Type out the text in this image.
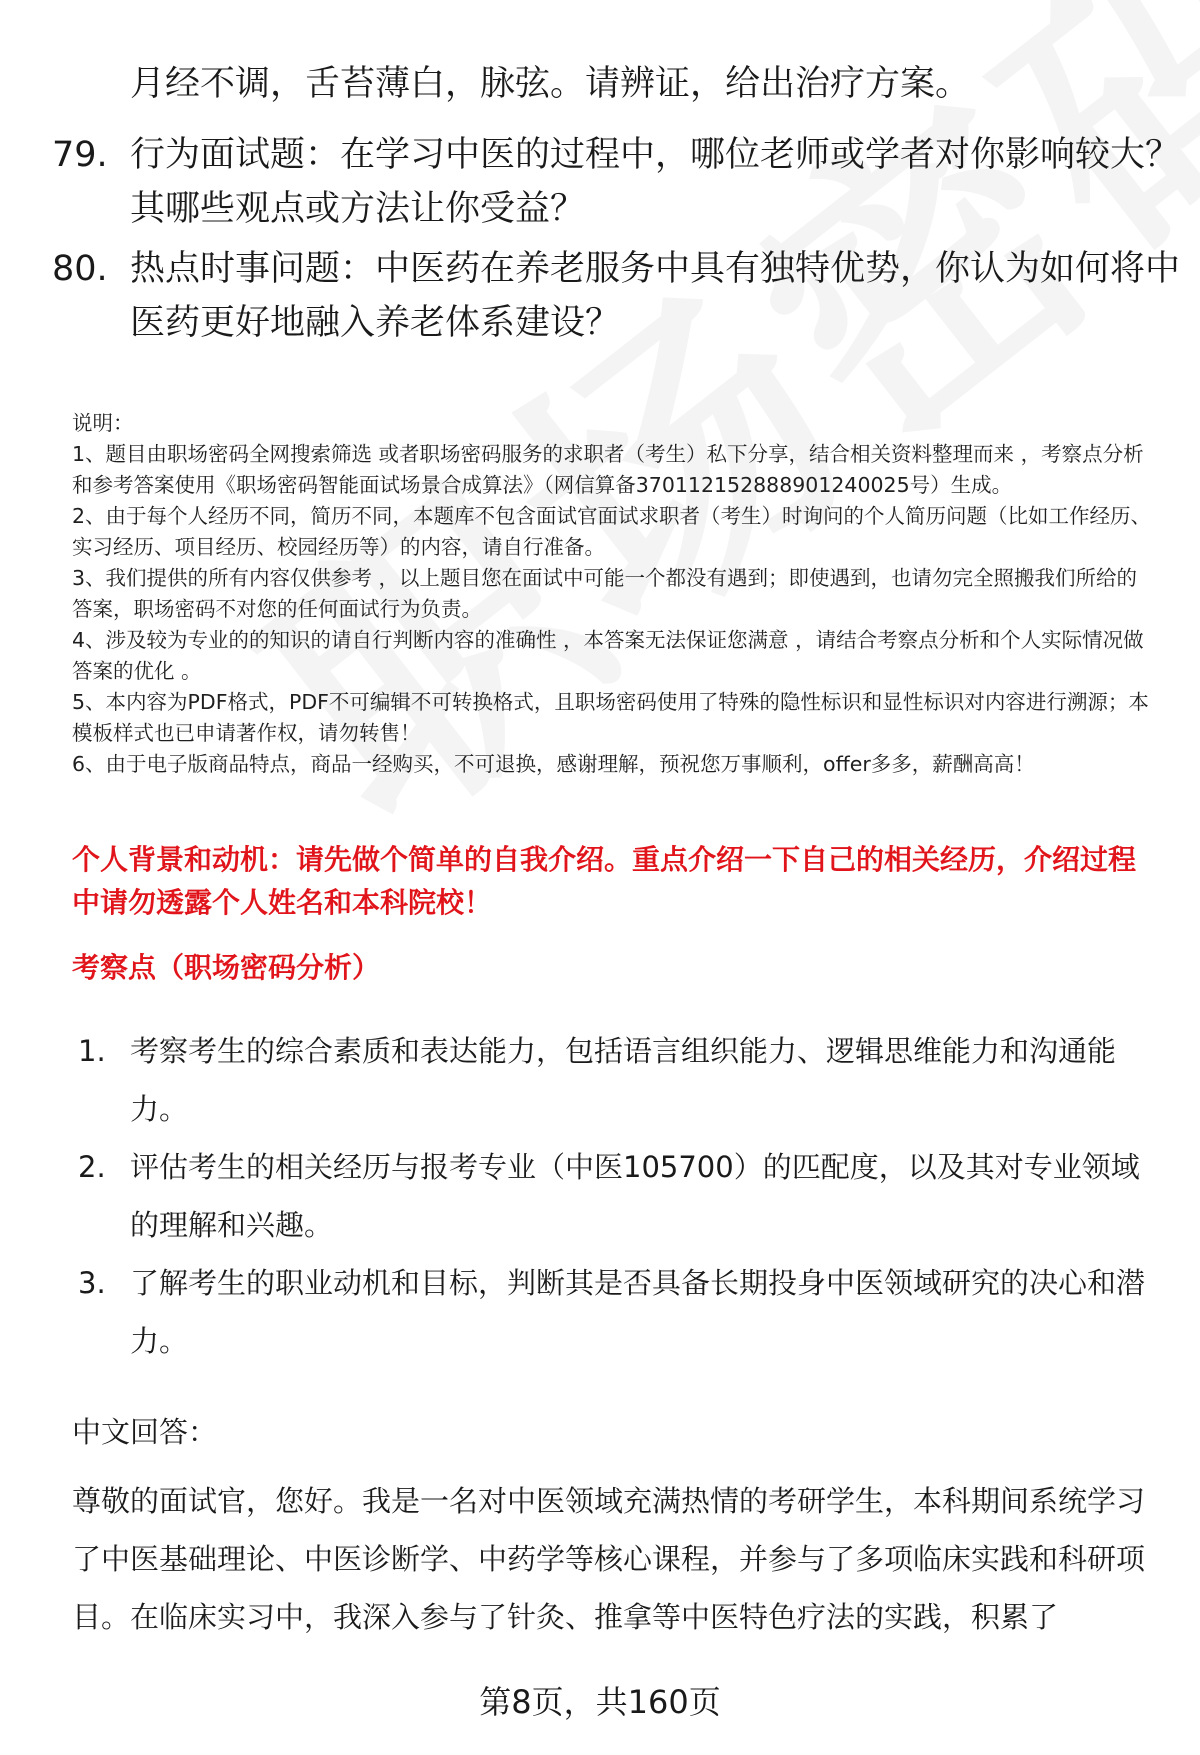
月经不调，舌苔薄白，脉弦。请辨证，给出治疗方案。

79. 行为面试题：在学习中医的过程中，哪位老师或学者对你影响较大？其哪些观点或方法让你受益？
80. 热点时事问题：中医药在养老服务中具有独特优势，你认为如何将中医药更好地融入养老体系建设？

说明：

1、题目由职场密码全网搜索筛选 或者职场密码服务的求职者（考生）私下分享，结合相关资料整理而来 ，考察点分析和参考答案使用《职场密码智能面试场景合成算法》（网信算备370112152888901240025号）生成。

2、由于每个人经历不同，简历不同，本题库不包含面试官面试求职者（考生）时询问的个人简历问题（比如工作经历、实习经历、项目经历、校园经历等）的内容，请自行准备。

3、我们提供的所有内容仅供参考 ，以上题目您在面试中可能一个都没有遇到；即使遇到，也请勿完全照搬我们所给的答案，职场密码不对您的任何面试行为负责。

4、涉及较为专业的的知识的请自行判断内容的准确性 ，本答案无法保证您满意 ，请结合考察点分析和个人实际情况做答案的优化 。

5、本内容为PDF格式，PDF不可编辑不可转换格式，且职场密码使用了特殊的隐性标识和显性标识对内容进行溯源；本模板样式也已申请著作权，请勿转售！

6、由于电子版商品特点，商品一经购买，不可退换，感谢理解，预祝您万事顺利，offer多多，薪酬高高！

个人背景和动机：请先做个简单的自我介绍。重点介绍一下自己的相关经历，介绍过程中请勿透露个人姓名和本科院校！
考察点（职场密码分析）
1. 考察考生的综合素质和表达能力，包括语言组织能力、逻辑思维能力和沟通能力。
2. 评估考生的相关经历与报考专业（中医105700）的匹配度，以及其对专业领域的理解和兴趣。
3. 了解考生的职业动机和目标，判断其是否具备长期投身中医领域研究的决心和潜力。
中文回答：
尊敬的面试官，您好。我是一名对中医领域充满热情的考研学生，本科期间系统学习了中医基础理论、中医诊断学、中药学等核心课程，并参与了多项临床实践和科研项目。在临床实习中，我深入参与了针灸、推拿等中医特色疗法的实践，积累了
第8页，共160页
